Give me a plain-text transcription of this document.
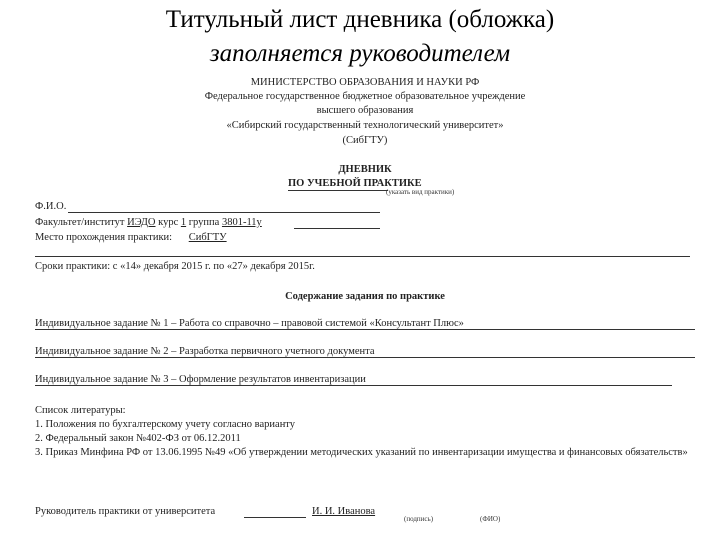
Титульный лист дневника (обложка)
заполняется руководителем
МИНИСТЕРСТВО ОБРАЗОВАНИЯ И НАУКИ РФ
Федеральное государственное бюджетное образовательное учреждение
высшего образования
«Сибирский государственный технологический университет»
(СибГТУ)
ДНЕВНИК
ПО УЧЕБНОЙ ПРАКТИКЕ
(указать вид практики)
Ф.И.О.
Факультет/институт ИЭДО курс 1 группа 3801-11у
Место прохождения практики: СибГТУ
Сроки практики: с «14» декабря 2015 г. по «27» декабря 2015г.
Содержание задания по практике
Индивидуальное задание № 1 – Работа со справочно – правовой системой «Консультант Плюс»
Индивидуальное задание № 2 – Разработка первичного учетного документа
Индивидуальное задание № 3 – Оформление результатов инвентаризации
Список литературы:
1. Положения по бухгалтерскому учету согласно варианту
2. Федеральный закон №402-ФЗ от 06.12.2011
3. Приказ Минфина РФ от 13.06.1995 №49 «Об утверждении методических указаний по инвентаризации имущества и финансовых обязательств»
Руководитель практики от университета	И. И. Иванова
(подпись)	(ФИО)
